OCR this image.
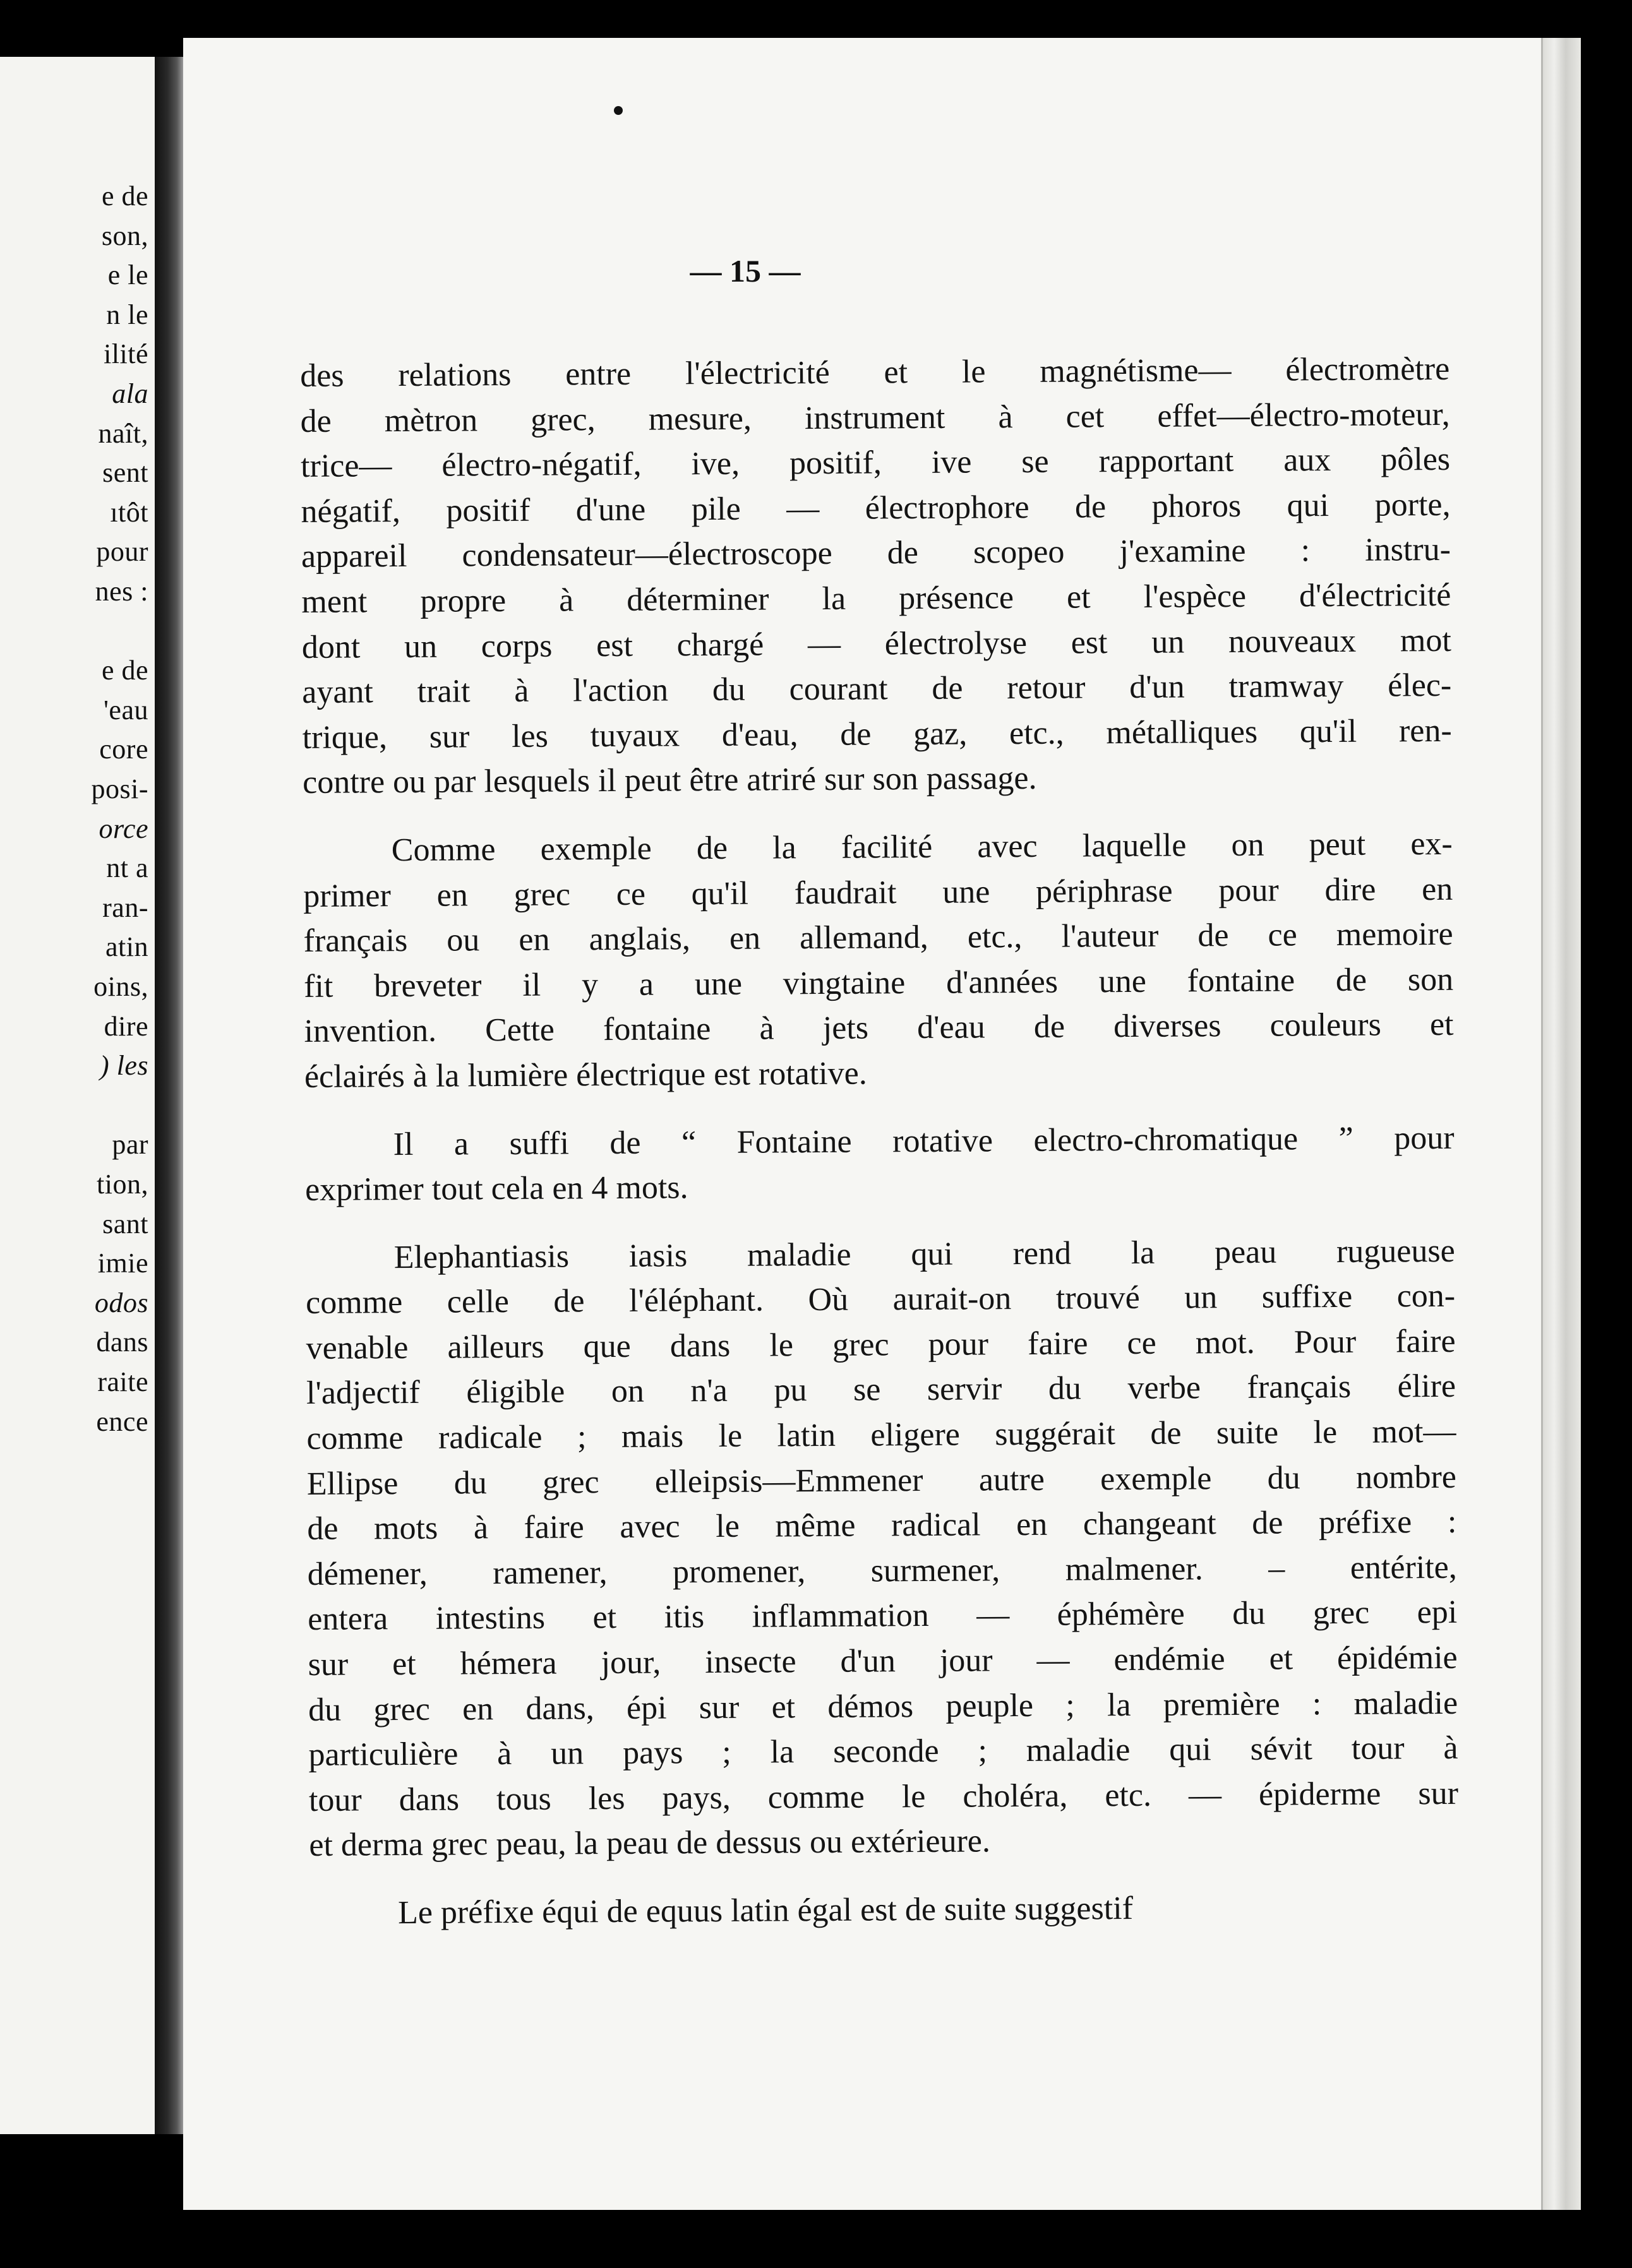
e de
son,
e le
n le
ilité
ala
naît,
sent
ıtôt
pour
nes :
e de
'eau
core
posi-
orce
nt a
ran-
atin
oins,
dire
) les
par
tion,
sant
imie
odos
dans
raite
ence
— 15 —
des relations entre l'électricité et le magnétisme— électromètre
de mètron grec, mesure, instrument à cet effet—électro-moteur,
trice— électro-négatif, ive, positif, ive se rapportant aux pôles
négatif, positif d'une pile — électrophore de phoros qui porte,
appareil condensateur—électroscope de scopeo j'examine : instru-
ment propre à déterminer la présence et l'espèce d'électricité
dont un corps est chargé — électrolyse est un nouveaux mot
ayant trait à l'action du courant de retour d'un tramway élec-
trique, sur les tuyaux d'eau, de gaz, etc., métalliques qu'il ren-
contre ou par lesquels il peut être atriré sur son passage.
Comme exemple de la facilité avec laquelle on peut ex-
primer en grec ce qu'il faudrait une périphrase pour dire en
français ou en anglais, en allemand, etc., l'auteur de ce memoire
fit breveter il y a une vingtaine d'années une fontaine de son
invention. Cette fontaine à jets d'eau de diverses couleurs et
éclairés à la lumière électrique est rotative.
Il a suffi de “ Fontaine rotative electro-chromatique ” pour
exprimer tout cela en 4 mots.
Elephantiasis iasis maladie qui rend la peau rugueuse
comme celle de l'éléphant. Où aurait-on trouvé un suffixe con-
venable ailleurs que dans le grec pour faire ce mot. Pour faire
l'adjectif éligible on n'a pu se servir du verbe français élire
comme radicale ; mais le latin eligere suggérait de suite le mot—
Ellipse du grec elleipsis—Emmener autre exemple du nombre
de mots à faire avec le même radical en changeant de préfixe :
démener, ramener, promener, surmener, malmener. – entérite,
entera intestins et itis inflammation — éphémère du grec epi
sur et hémera jour, insecte d'un jour — endémie et épidémie
du grec en dans, épi sur et démos peuple ; la première : maladie
particulière à un pays ; la seconde ; maladie qui sévit tour à
tour dans tous les pays, comme le choléra, etc. — épiderme sur
et derma grec peau, la peau de dessus ou extérieure.
Le préfixe équi de equus latin égal est de suite suggestif
